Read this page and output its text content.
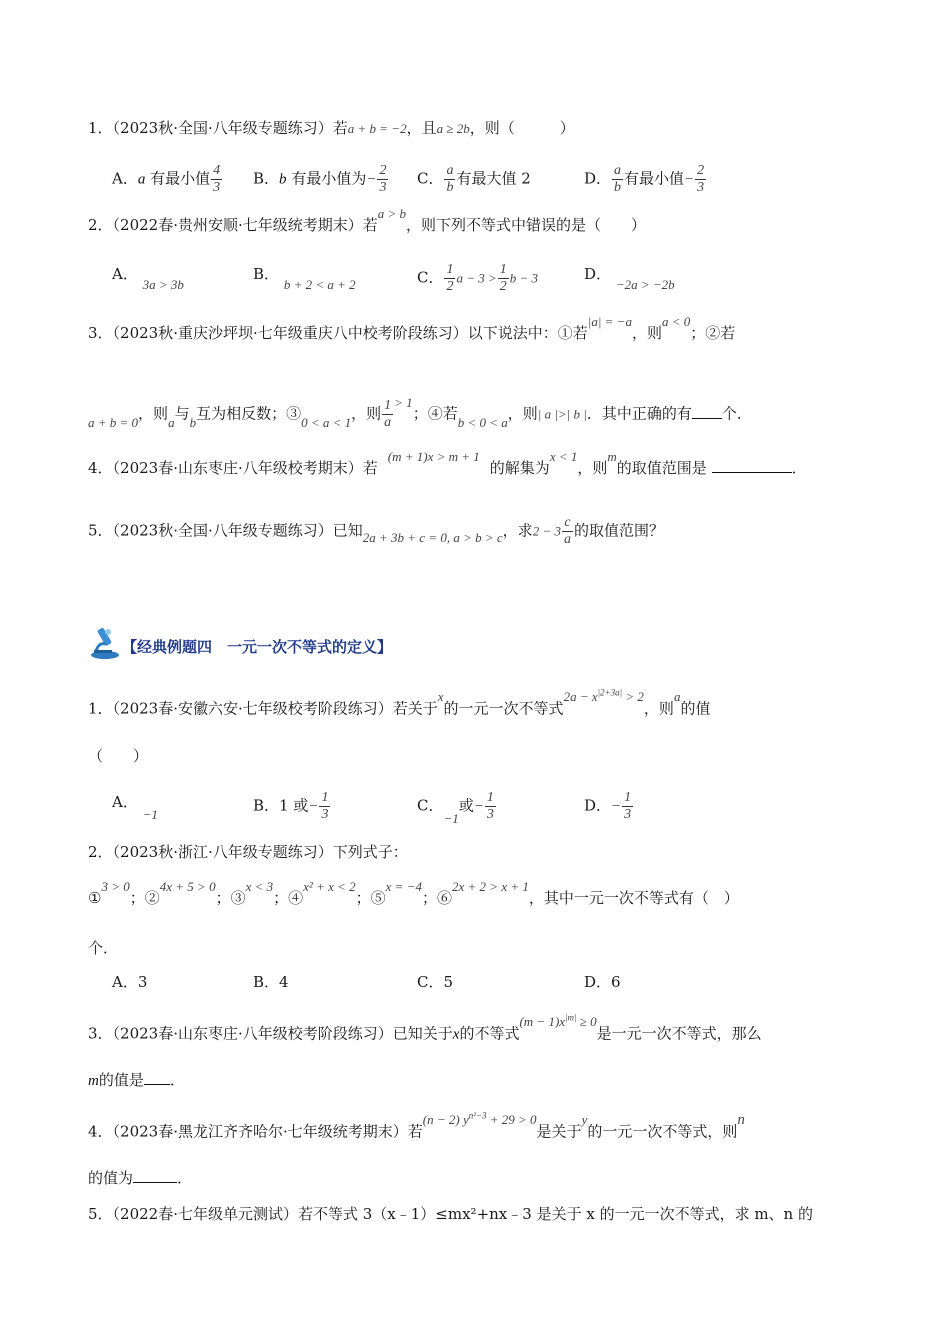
1．（2023秋·全国·八年级专题练习）若a + b = −2，且a ≥ 2b，则（　　　）
A．a 有最小值 $\frac{4}{3}$ B．b 有最小值为− $\frac{2}{3}$ C． $\frac{a}{b}$ 有最大值 2	D． $\frac{a}{b}$ 有最小值− $\frac{2}{3}$
2．（2022春·贵州安顺·七年级统考期末）若a > b，则下列不等式中错误的是（　　）
A． 3a > 3b
B． b + 2 < a + 2	C． $\frac{1}{2}$ $a - 3 > \frac{1}{2}$ b − 3	D． −2a > −2b
3．（2023秋·重庆沙坪坝·七年级重庆八中校考阶段练习）以下说法中：①若|a| = −a，则a < 0；②若
a + b = 0，则a与b互为相反数；③0 < a < 1，则 $\frac{1}{a} > 1$；④若b < 0 < a，则| a |>| b |．其中正确的有 个．
4．（2023春·山东枣庄·八年级校考期末）若(m + 1)x > m + 1的解集为x < 1，则m的取值范围是	．
5．（2023秋·全国·八年级专题练习）已知2a + 3b + c = 0, a > b > c，求$2 - 3 \frac{c}{a}$ 的取值范围？
【经典例题四　一元一次不等式的定义】
1．（2023春·安徽六安·七年级校考阶段练习）若关于x的一元一次不等式$2a - x^{|2+3a|} > 2$，则a的值
（　　）
A． −1	B．1 或− $\frac{1}{3}$	C．−1或− $\frac{1}{3}$	D．− $\frac{1}{3}$
2．（2023秋·浙江·八年级专题练习）下列式子：
①3 > 0；②4x + 5 > 0；③x < 3；④x² + x < 2；⑤x = −4；⑥2x + 2 > x + 1，其中一元一次不等式有（　）
个．
A．3	B．4	C．5	D．6
3．（2023春·山东枣庄·八年级校考阶段练习）已知关于x的不等式$(m - 1)x^{|m|} \ge 0$是一元一次不等式，那么
m的值是 ．
4．（2023春·黑龙江齐齐哈尔·七年级统考期末）若(n − 2) $y^{n^2-3} + 29 > 0$是关于y的一元一次不等式，则n
的值为	．
5．（2022春·七年级单元测试）若不等式 3（x﹣1）≤mx²+nx﹣3 是关于 x 的一元一次不等式，求 m、n 的
